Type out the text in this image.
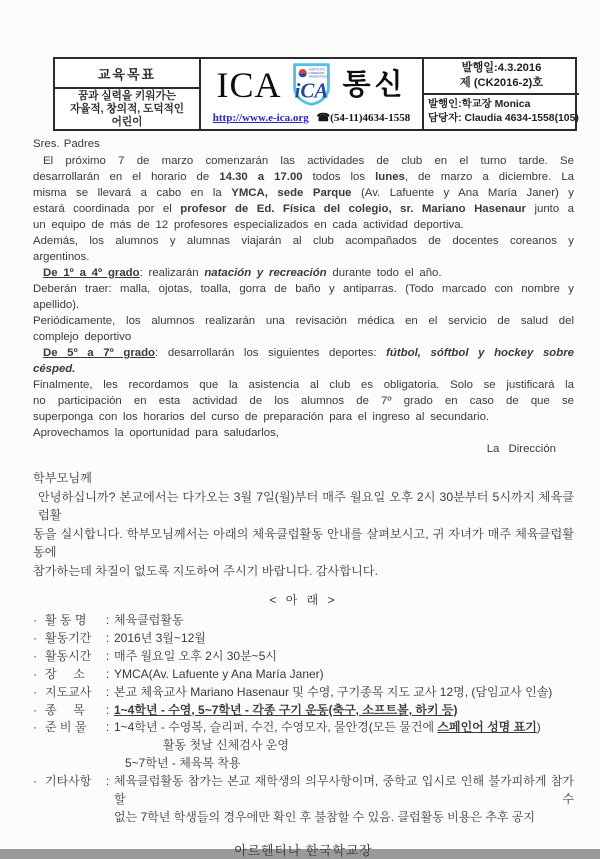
교육목표
꿈과 실력을 키워가는
자율적, 창의적, 도덕적인
어린이
ICA	INSTITUTO
COREANO
ARGENTINO
iCA 통신
http://www.e-ica.org ☎(54-11)4634-1558
발행일:4.3.2016
제 (CK2016-2)호
발행인:학교장 Monica
담당자: Claudia 4634-1558(105)
Sres. Padres
El próximo 7 de marzo comenzarán las actividades de club en el turno tarde. Se
desarrollarán en el horario de 14.30 a 17.00 todos los lunes, de marzo a diciembre. La
misma se llevará a cabo en la YMCA, sede Parque (Av. Lafuente y Ana María Janer) y
estará coordinada por el profesor de Ed. Física del colegio, sr. Mariano Hasenaur junto a
un equipo de más de 12 profesores especializados en cada actividad deportiva.
Además, los alumnos y alumnas viajarán al club acompañados de docentes coreanos y
argentinos.
De 1º a 4º grado: realizarán natación y recreación durante todo el año.
Deberán traer: malla, ojotas, toalla, gorra de baño y antiparras. (Todo marcado con nombre y
apellido).
Periódicamente, los alumnos realizarán una revisación médica en el servicio de salud del
complejo deportivo
De 5º a 7º grado: desarrollarán los siguientes deportes: fútbol, sóftbol y hockey sobre
césped.
Finalmente, les recordamos que la asistencia al club es obligatoria. Solo se justificará la
no participación en esta actividad de los alumnos de 7º grado en caso de que se
superponga con los horarios del curso de preparación para el ingreso al secundario.
Aprovechamos la oportunidad para saludarlos,
La Dirección
학부모님께
안녕하십니까? 본교에서는 다가오는 3월 7일(월)부터 매주 월요일 오후 2시 30분부터 5시까지 체육클럽활
동을 실시합니다. 학부모님께서는 아래의 체육클럽활동 안내를 살펴보시고, 귀 자녀가 매주 체육클럽활동에
참가하는데 차질이 없도록 지도하여 주시기 바랍니다. 감사합니다.
< 아 래 >
· 활 동 명	: 체육클럽활동
· 활동기간	: 2016년 3월~12월
· 활동시간	: 매주 월요일 오후 2시 30분~5시
· 장     소	: YMCA(Av. Lafuente y Ana María Janer)
· 지도교사	: 본교 체육교사 Mariano Hasenaur 및 수영, 구기종목 지도 교사 12명, (담임교사 인솔)
· 종     목	: 1~4학년 - 수영, 5~7학년 - 각종 구기 운동(축구, 소프트볼, 하키 등)
· 준 비 물	: 1~4학년 - 수영복, 슬리퍼, 수건, 수영모자, 물안경(모든 물건에 스페인어 성명 표기)
활동 첫날 신체검사 운영
5~7학년 - 체육복 착용
· 기타사항	: 체육클럽활동 참가는 본교 재학생의 의무사항이며, 중학교 입시로 인해 불가피하게 참가할 수
없는 7학년 학생들의 경우에만 확인 후 불참할 수 있음. 클럽활동 비용은 추후 공지
아르헨티나 한국학교장
